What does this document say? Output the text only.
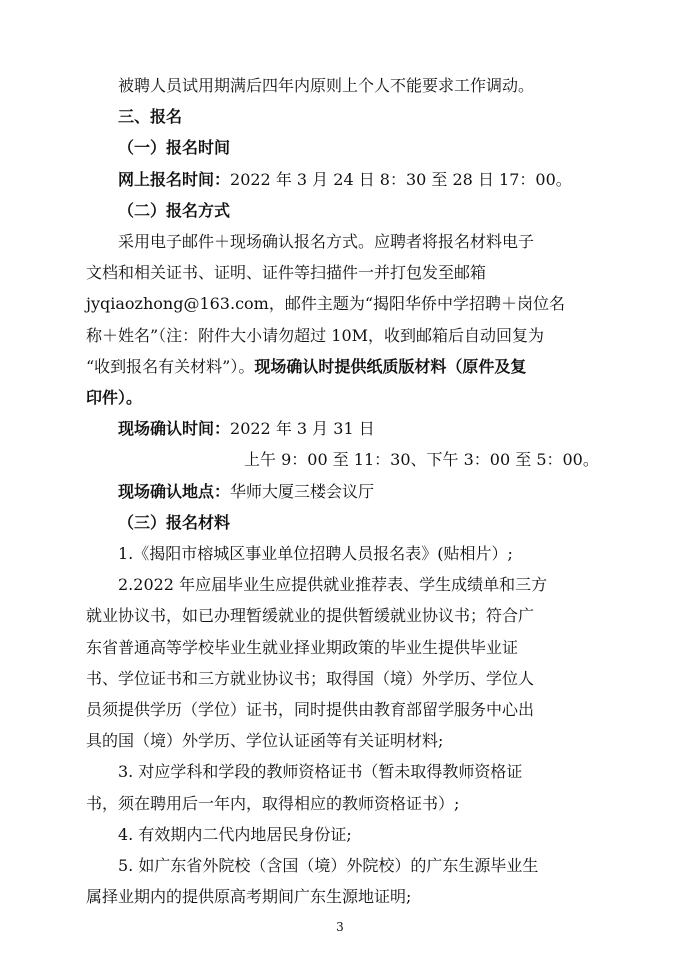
被聘人员试用期满后四年内原则上个人不能要求工作调动。
三、报名
（一）报名时间
网上报名时间：2022 年 3 月 24 日 8：30 至 28 日 17：00。
（二）报名方式
采用电子邮件＋现场确认报名方式。应聘者将报名材料电子
文档和相关证书、证明、证件等扫描件一并打包发至邮箱
jyqiaozhong@163.com，邮件主题为“揭阳华侨中学招聘＋岗位名
称＋姓名”（注：附件大小请勿超过 10M，收到邮箱后自动回复为
“收到报名有关材料”）。现场确认时提供纸质版材料（原件及复
印件）。
现场确认时间：2022 年 3 月 31 日
上午 9：00 至 11：30、下午 3：00 至 5：00。
现场确认地点：华师大厦三楼会议厅
（三）报名材料
1.《揭阳市榕城区事业单位招聘人员报名表》(贴相片）;
2.2022 年应届毕业生应提供就业推荐表、学生成绩单和三方
就业协议书，如已办理暂缓就业的提供暂缓就业协议书；符合广
东省普通高等学校毕业生就业择业期政策的毕业生提供毕业证
书、学位证书和三方就业协议书；取得国（境）外学历、学位人
员须提供学历（学位）证书，同时提供由教育部留学服务中心出
具的国（境）外学历、学位认证函等有关证明材料;
3. 对应学科和学段的教师资格证书（暂未取得教师资格证
书，须在聘用后一年内，取得相应的教师资格证书）;
4. 有效期内二代内地居民身份证;
5. 如广东省外院校（含国（境）外院校）的广东生源毕业生
属择业期内的提供原高考期间广东生源地证明;
3
